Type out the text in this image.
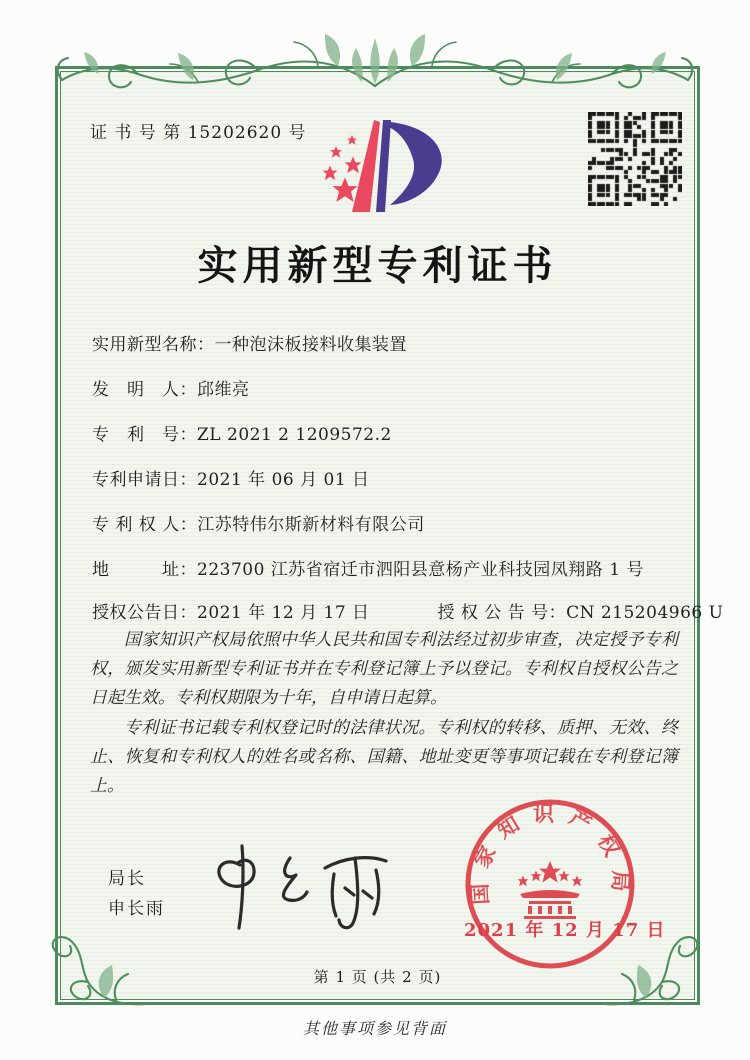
证 书 号 第 15202620 号
实用新型专利证书
实用新型名称：一种泡沫板接料收集装置
发　明　人：邱维亮
专　利　号：ZL 2021 2 1209572.2
专利申请日：2021 年 06 月 01 日
专 利 权 人：江苏特伟尔斯新材料有限公司
地　　　址：223700 江苏省宿迁市泗阳县意杨产业科技园凤翔路 1 号
授权公告日：2021 年 12 月 17 日	授 权 公 告 号：CN 215204966 U

国家知识产权局依照中华人民共和国专利法经过初步审查，决定授予专利权，颁发实用新型专利证书并在专利登记簿上予以登记。专利权自授权公告之日起生效。专利权期限为十年，自申请日起算。

专利证书记载专利权登记时的法律状况。专利权的转移、质押、无效、终止、恢复和专利权人的姓名或名称、国籍、地址变更等事项记载在专利登记簿上。

局长
申长雨
国家知识产权局
2021 年 12 月 17 日
第 1 页 (共 2 页)
其他事项参见背面
